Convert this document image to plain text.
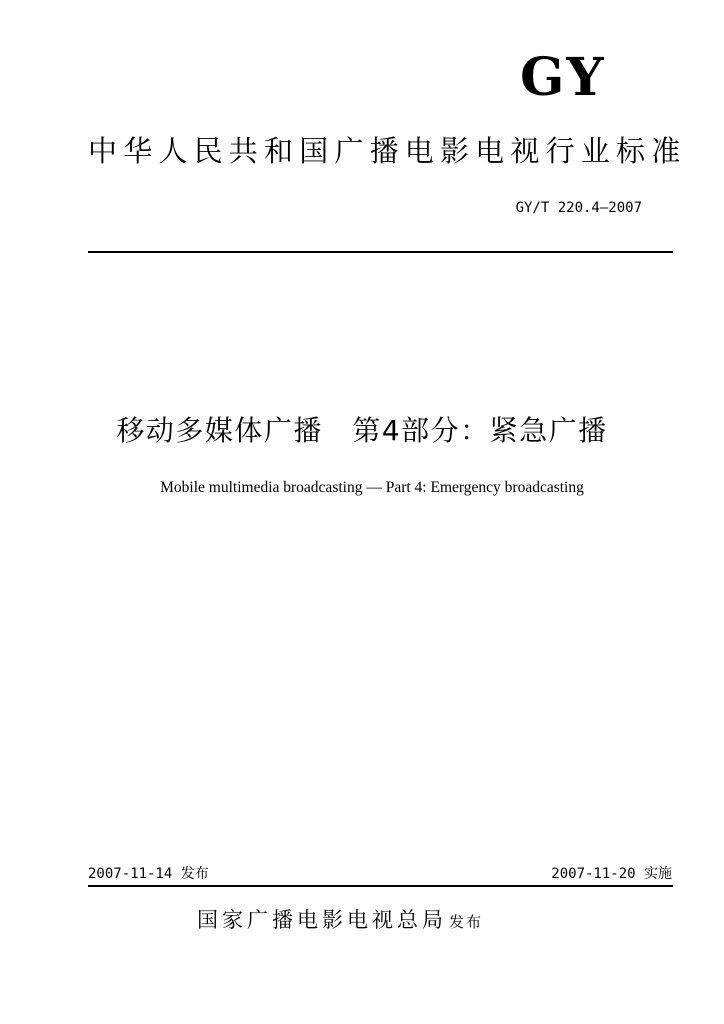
GY
中华人民共和国广播电影电视行业标准
GY/T 220.4—2007
移动多媒体广播　第4部分：紧急广播
Mobile multimedia broadcasting — Part 4: Emergency broadcasting
2007-11-14 发布	2007-11-20 实施
国家广播电影电视总局 发布
